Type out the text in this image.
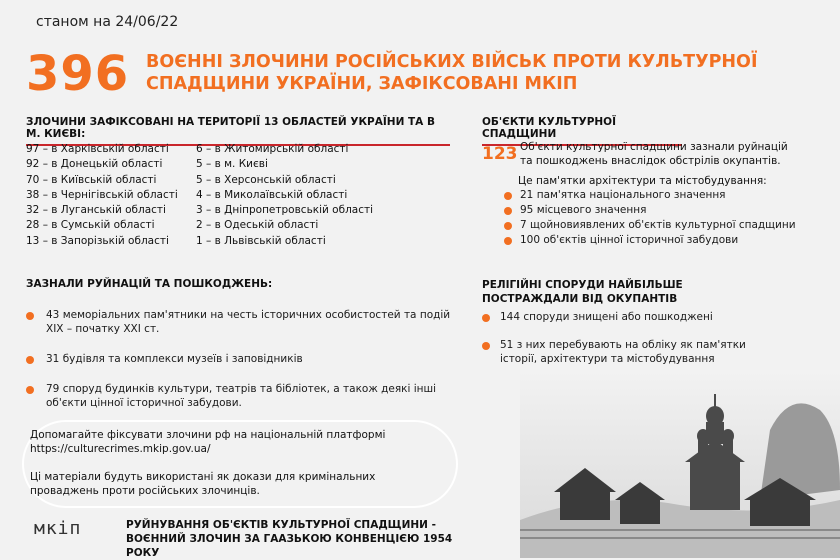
станом на 24/06/22
396 ВОЄННІ ЗЛОЧИНИ РОСІЙСЬКИХ ВІЙСЬК ПРОТИ КУЛЬТУРНОЇ СПАДЩИНИ УКРАЇНИ, ЗАФІКСОВАНІ МКІП
ЗЛОЧИНИ ЗАФІКСОВАНІ НА ТЕРИТОРІЇ 13 ОБЛАСТЕЙ УКРАЇНИ ТА В М. КИЄВІ:
97 – в Харківській області
92 – в Донецькій області
70 – в Київській області
38 – в Чернігівській області
32 – в Луганській області
28 – в Сумській області
13 – в Запорізькій області
6 – в Житомирській області
5 – в м. Києві
5 – в Херсонській області
4 – в Миколаївській області
3 – в Дніпропетровській області
2 – в Одеській області
1 – в Львівській області
ОБ'ЄКТИ КУЛЬТУРНОЇ СПАДЩИНИ
123 Об'єкти культурної спадщини зазнали руйнацій та пошкоджень внаслідок обстрілів окупантів.
Це пам'ятки архітектури та містобудування:
21 пам'ятка національного значення
95 місцевого значення
7 щойновиявлених об'єктів культурної спадщини
100 об'єктів цінної історичної забудови
ЗАЗНАЛИ РУЙНАЦІЙ ТА ПОШКОДЖЕНЬ:
43 меморіальних пам'ятники на честь історичних особистостей та подій XIX – початку XXI ст.
31 будівля та комплекси музеїв і заповідників
79 споруд будинків культури, театрів та бібліотек, а також деякі інші об'єкти цінної історичної забудови.
РЕЛІГІЙНІ СПОРУДИ НАЙБІЛЬШЕ ПОСТРАЖДАЛИ ВІД ОКУПАНТІВ
144 споруди знищені або пошкоджені
51 з них перебувають на обліку як пам'ятки історії, архітектури та містобудування
Допомагайте фіксувати злочини рф на національній платформі
https://culturecrimes.mkip.gov.ua/
Ці матеріали будуть використані як докази для кримінальних проваджень проти російських злочинців.
мкіп	РУЙНУВАННЯ ОБ'ЄКТІВ КУЛЬТУРНОЇ СПАДЩИНИ - ВОЄННИЙ ЗЛОЧИН ЗА ГААЗЬКОЮ КОНВЕНЦІЄЮ 1954 РОКУ
